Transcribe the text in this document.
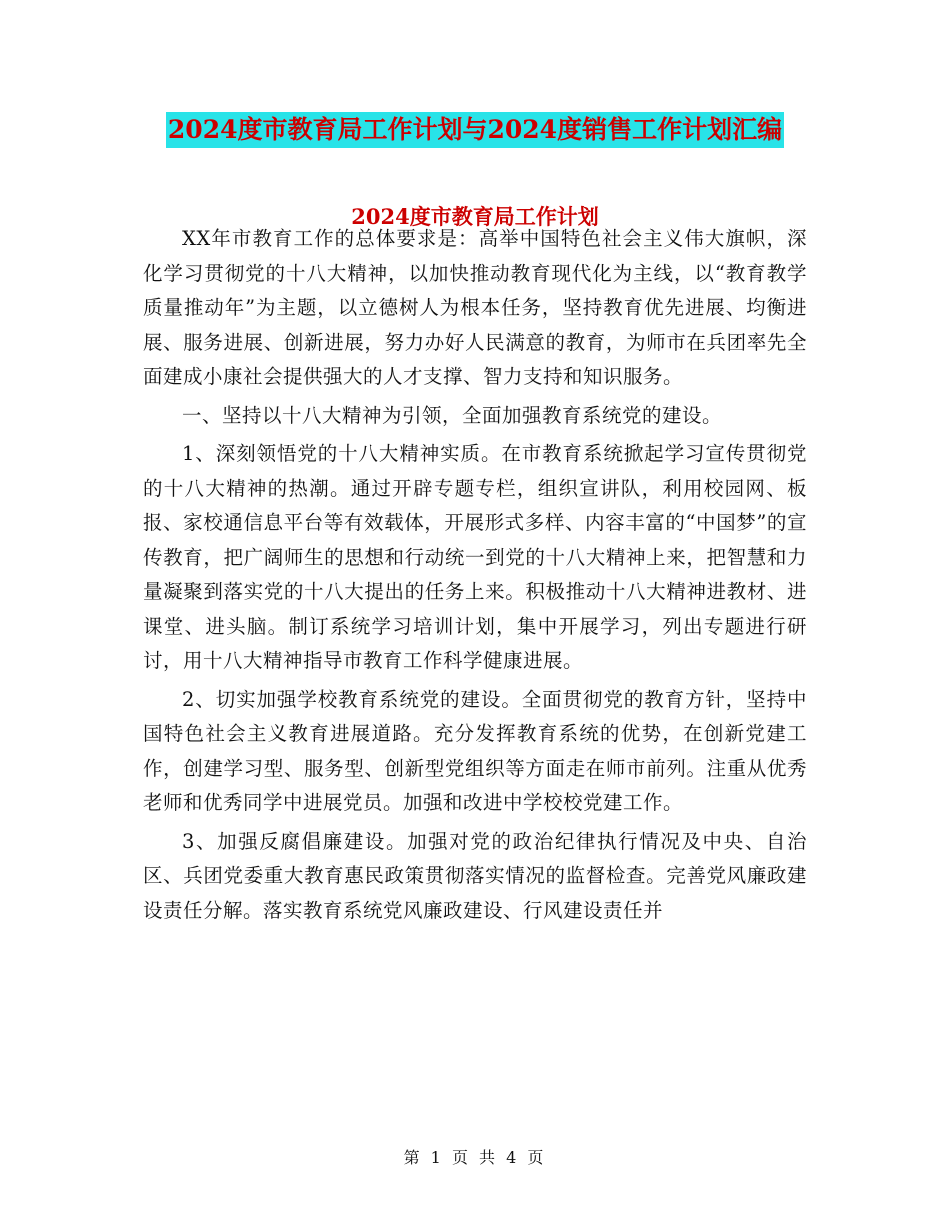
2024度市教育局工作计划与2024度销售工作计划汇编
2024度市教育局工作计划

XX年市教育工作的总体要求是：高举中国特色社会主义伟大旗帜，深化学习贯彻党的十八大精神，以加快推动教育现代化为主线，以“教育教学质量推动年”为主题，以立德树人为根本任务，坚持教育优先进展、均衡进展、服务进展、创新进展，努力办好人民满意的教育，为师市在兵团率先全面建成小康社会提供强大的人才支撑、智力支持和知识服务。

一、坚持以十八大精神为引领，全面加强教育系统党的建设。

1、深刻领悟党的十八大精神实质。在市教育系统掀起学习宣传贯彻党的十八大精神的热潮。通过开辟专题专栏，组织宣讲队，利用校园网、板报、家校通信息平台等有效载体，开展形式多样、内容丰富的“中国梦”的宣传教育，把广阔师生的思想和行动统一到党的十八大精神上来，把智慧和力量凝聚到落实党的十八大提出的任务上来。积极推动十八大精神进教材、进课堂、进头脑。制订系统学习培训计划，集中开展学习，列出专题进行研讨，用十八大精神指导市教育工作科学健康进展。

2、切实加强学校教育系统党的建设。全面贯彻党的教育方针，坚持中国特色社会主义教育进展道路。充分发挥教育系统的优势，在创新党建工作，创建学习型、服务型、创新型党组织等方面走在师市前列。注重从优秀老师和优秀同学中进展党员。加强和改进中学校校党建工作。

3、加强反腐倡廉建设。加强对党的政治纪律执行情况及中央、自治区、兵团党委重大教育惠民政策贯彻落实情况的监督检查。完善党风廉政建设责任分解。落实教育系统党风廉政建设、行风建设责任并

第 1 页 共 4 页
